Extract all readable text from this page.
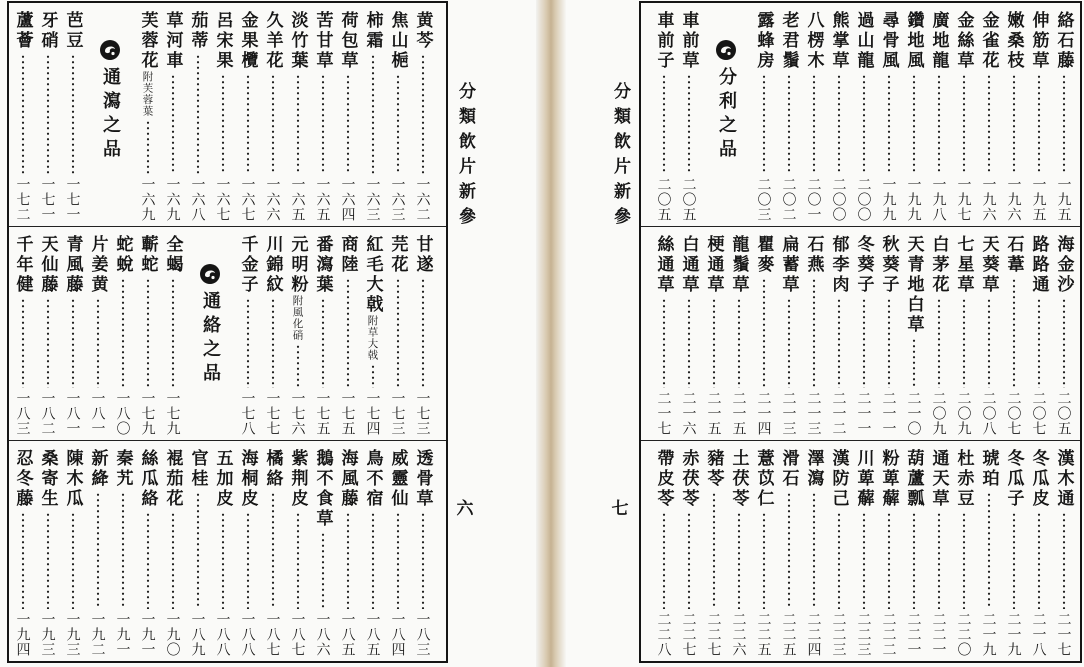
黄芩
一六二
焦山梔
一六三
柿霜
一六三
荷包草
一六四
苦甘草
一六五
淡竹葉
一六五
久羊花
一六六
金果欖
一六七
呂宋果
一六七
茄蒂
一六八
草河車
一六九
芙蓉花
附芙蓉葉
一六九
通瀉之品
芭豆
一七一
牙硝
一七一
蘆薈
一七二
甘遂
一七三
芫花
一七三
紅毛大戟
附草大戟
一七四
商陸
一七五
番瀉葉
一七五
元明粉
附風化硝
一七六
川錦紋
一七七
千金子
一七八
通絡之品
全蝎
一七九
蘄蛇
一七九
蛇蛻
一八〇
片姜黄
一八一
青風藤
一八一
天仙藤
一八二
千年健
一八三
透骨草
一八三
威靈仙
一八四
鳥不宿
一八五
海風藤
一八五
鵝不食草
一八六
紫荆皮
一八七
橘絡
一八七
海桐皮
一八八
五加皮
一八八
官桂
一八九
裩茄花
一九〇
絲瓜絡
一九一
秦艽
一九一
新絳
一九二
陳木瓜
一九三
桑寄生
一九三
忍冬藤
一九四
分類飲片新參
六
分類飲片新參
七
絡石藤
一九五
伸筋草
一九五
嫩桑枝
一九六
金雀花
一九六
金絲草
一九七
廣地龍
一九八
鑽地風
一九九
尋骨風
一九九
過山龍
二〇〇
熊掌草
二〇〇
八楞木
二〇一
老君鬚
二〇二
露蜂房
二〇三
分利之品
車前草
二〇五
車前子
二〇五
海金沙
二〇五
路路通
二〇七
石葦
二〇七
天葵草
二〇八
七星草
二〇九
白茅花
二〇九
天青地白草
二一〇
秋葵子
二一一
冬葵子
二一一
郁李肉
二一二
石燕
二一三
扁蓄草
二一三
瞿麥
二一四
龍鬚草
二一五
梗通草
二一五
白通草
二一六
絲通草
二一七
漢木通
二一七
冬瓜皮
二一八
冬瓜子
二一九
琥珀
二一九
杜赤豆
二二〇
通天草
二二一
葫蘆瓢
二二一
粉萆薢
二二二
川萆薢
二二三
漢防己
二二三
澤瀉
二二四
滑石
二二五
薏苡仁
二二五
土茯苓
二二六
豬苓
二二七
赤茯苓
二二七
帶皮苓
二二八
